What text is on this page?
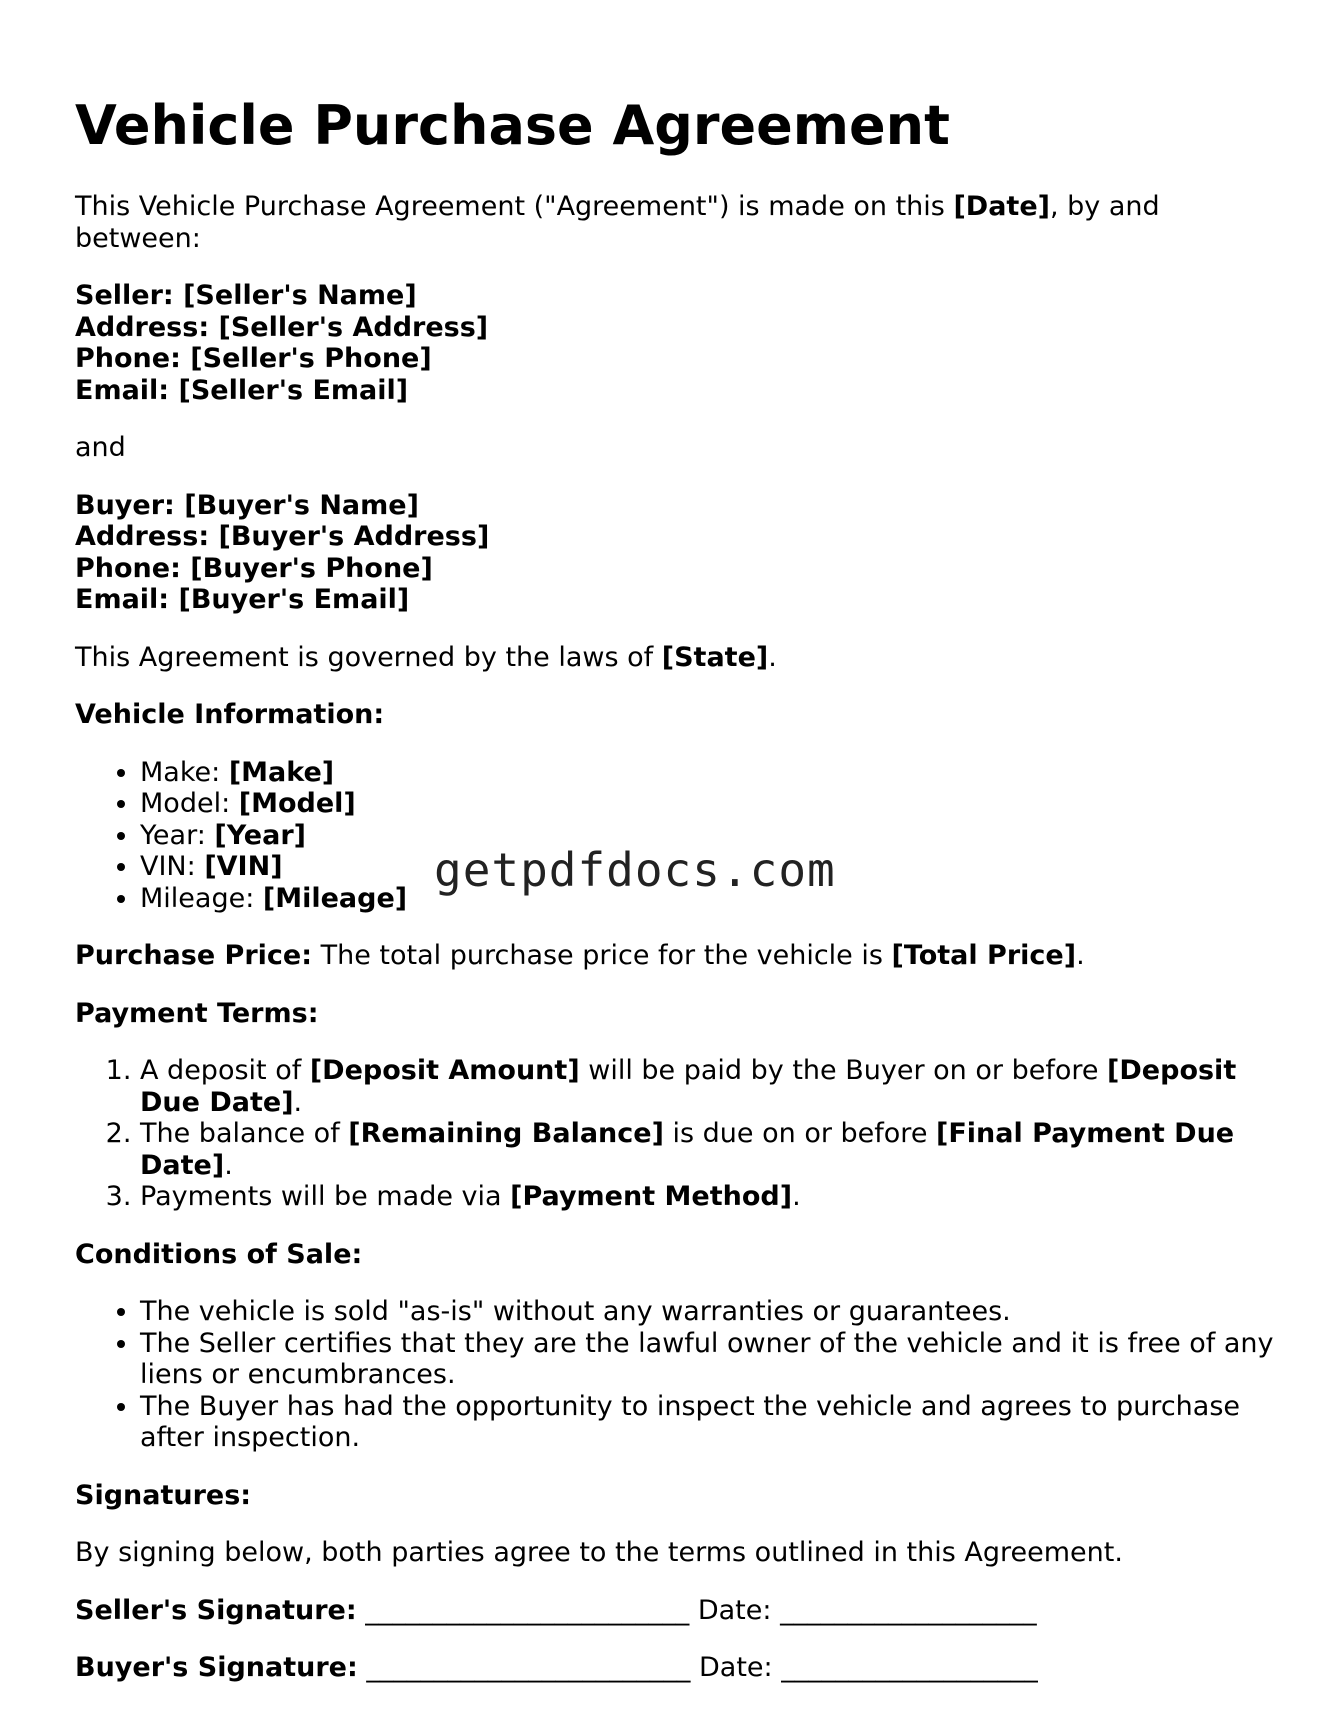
Vehicle Purchase Agreement

This Vehicle Purchase Agreement ("Agreement") is made on this [Date], by and between:

Seller: [Seller's Name]
Address: [Seller's Address]
Phone: [Seller's Phone]
Email: [Seller's Email]

and

Buyer: [Buyer's Name]
Address: [Buyer's Address]
Phone: [Buyer's Phone]
Email: [Buyer's Email]

This Agreement is governed by the laws of [State].

Vehicle Information:

• Make: [Make]
• Model: [Model]
• Year: [Year]
• VIN: [VIN]
• Mileage: [Mileage]

Purchase Price: The total purchase price for the vehicle is [Total Price].

Payment Terms:

1. A deposit of [Deposit Amount] will be paid by the Buyer on or before [Deposit Due Date].
2. The balance of [Remaining Balance] is due on or before [Final Payment Due Date].
3. Payments will be made via [Payment Method].

Conditions of Sale:

• The vehicle is sold "as-is" without any warranties or guarantees.
• The Seller certifies that they are the lawful owner of the vehicle and it is free of any liens or encumbrances.
• The Buyer has had the opportunity to inspect the vehicle and agrees to purchase after inspection.

Signatures:

By signing below, both parties agree to the terms outlined in this Agreement.

Seller's Signature: ________________________ Date: ___________________

Buyer's Signature: ________________________ Date: ___________________

getpdfdocs.com
